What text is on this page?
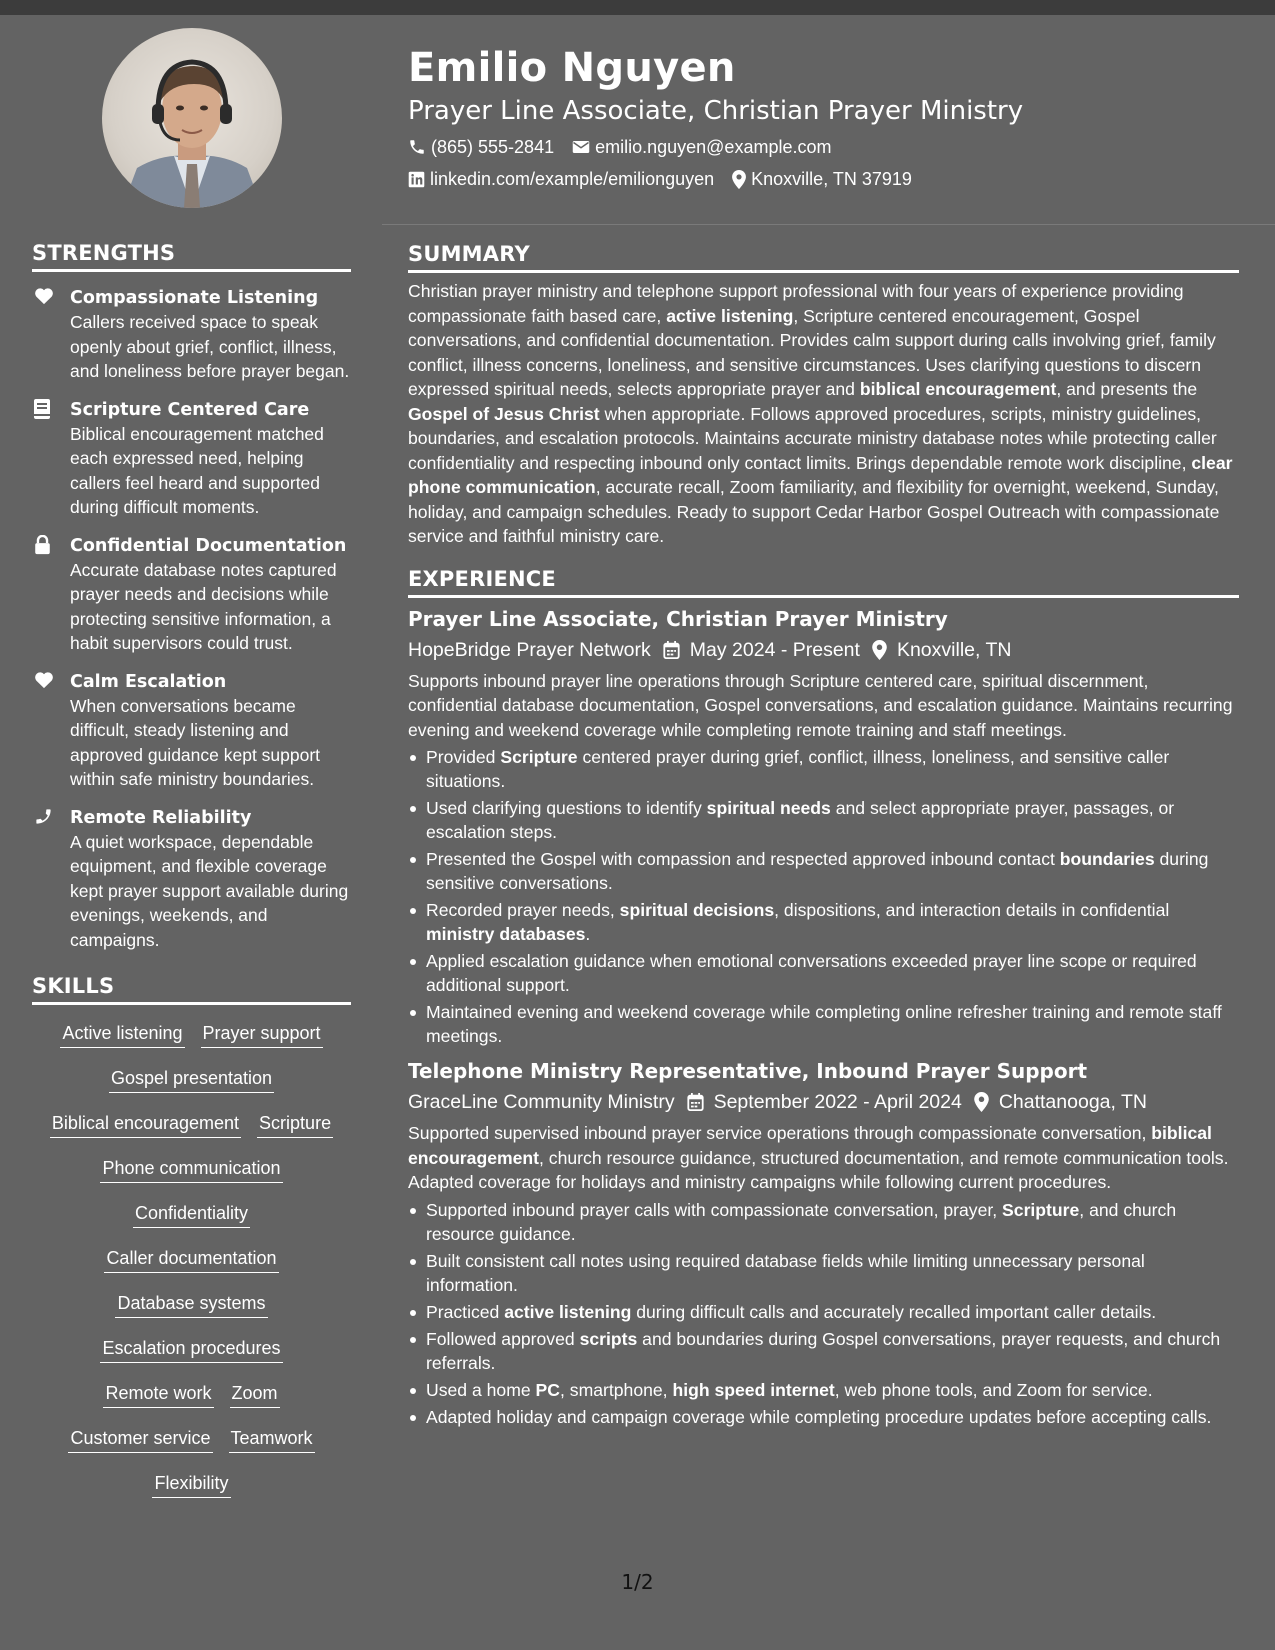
STRENGTHS
Compassionate Listening
Callers received space to speak openly about grief, conflict, illness, and loneliness before prayer began.
Scripture Centered Care
Biblical encouragement matched each expressed need, helping callers feel heard and supported during difficult moments.
Confidential Documentation
Accurate database notes captured prayer needs and decisions while protecting sensitive information, a habit supervisors could trust.
Calm Escalation
When conversations became difficult, steady listening and approved guidance kept support within safe ministry boundaries.
Remote Reliability
A quiet workspace, dependable equipment, and flexible coverage kept prayer support available during evenings, weekends, and campaigns.
SKILLS
Active listening Prayer support
Gospel presentation
Biblical encouragement Scripture
Phone communication
Confidentiality
Caller documentation
Database systems
Escalation procedures
Remote work Zoom
Customer service Teamwork
Flexibility
Emilio Nguyen
Prayer Line Associate, Christian Prayer Ministry
(865) 555-2841 emilio.nguyen@example.com
linkedin.com/example/emilionguyen Knoxville, TN 37919
SUMMARY

Christian prayer ministry and telephone support professional with four years of experience providing compassionate faith based care, active listening, Scripture centered encouragement, Gospel conversations, and confidential documentation. Provides calm support during calls involving grief, family conflict, illness concerns, loneliness, and sensitive circumstances. Uses clarifying questions to discern expressed spiritual needs, selects appropriate prayer and biblical encouragement, and presents the Gospel of Jesus Christ when appropriate. Follows approved procedures, scripts, ministry guidelines, boundaries, and escalation protocols. Maintains accurate ministry database notes while protecting caller confidentiality and respecting inbound only contact limits. Brings dependable remote work discipline, clear phone communication, accurate recall, Zoom familiarity, and flexibility for overnight, weekend, Sunday, holiday, and campaign schedules. Ready to support Cedar Harbor Gospel Outreach with compassionate service and faithful ministry care.

EXPERIENCE
Prayer Line Associate, Christian Prayer Ministry
HopeBridge Prayer Network May 2024 - Present Knoxville, TN

Supports inbound prayer line operations through Scripture centered care, spiritual discernment, confidential database documentation, Gospel conversations, and escalation guidance. Maintains recurring evening and weekend coverage while completing remote training and staff meetings.

Provided Scripture centered prayer during grief, conflict, illness, loneliness, and sensitive caller situations.
Used clarifying questions to identify spiritual needs and select appropriate prayer, passages, or escalation steps.
Presented the Gospel with compassion and respected approved inbound contact boundaries during sensitive conversations.
Recorded prayer needs, spiritual decisions, dispositions, and interaction details in confidential ministry databases.
Applied escalation guidance when emotional conversations exceeded prayer line scope or required additional support.
Maintained evening and weekend coverage while completing online refresher training and remote staff meetings.
Telephone Ministry Representative, Inbound Prayer Support
GraceLine Community Ministry September 2022 - April 2024 Chattanooga, TN

Supported supervised inbound prayer service operations through compassionate conversation, biblical encouragement, church resource guidance, structured documentation, and remote communication tools. Adapted coverage for holidays and ministry campaigns while following current procedures.

Supported inbound prayer calls with compassionate conversation, prayer, Scripture, and church resource guidance.
Built consistent call notes using required database fields while limiting unnecessary personal information.
Practiced active listening during difficult calls and accurately recalled important caller details.
Followed approved scripts and boundaries during Gospel conversations, prayer requests, and church referrals.
Used a home PC, smartphone, high speed internet, web phone tools, and Zoom for service.
Adapted holiday and campaign coverage while completing procedure updates before accepting calls.
1/2
